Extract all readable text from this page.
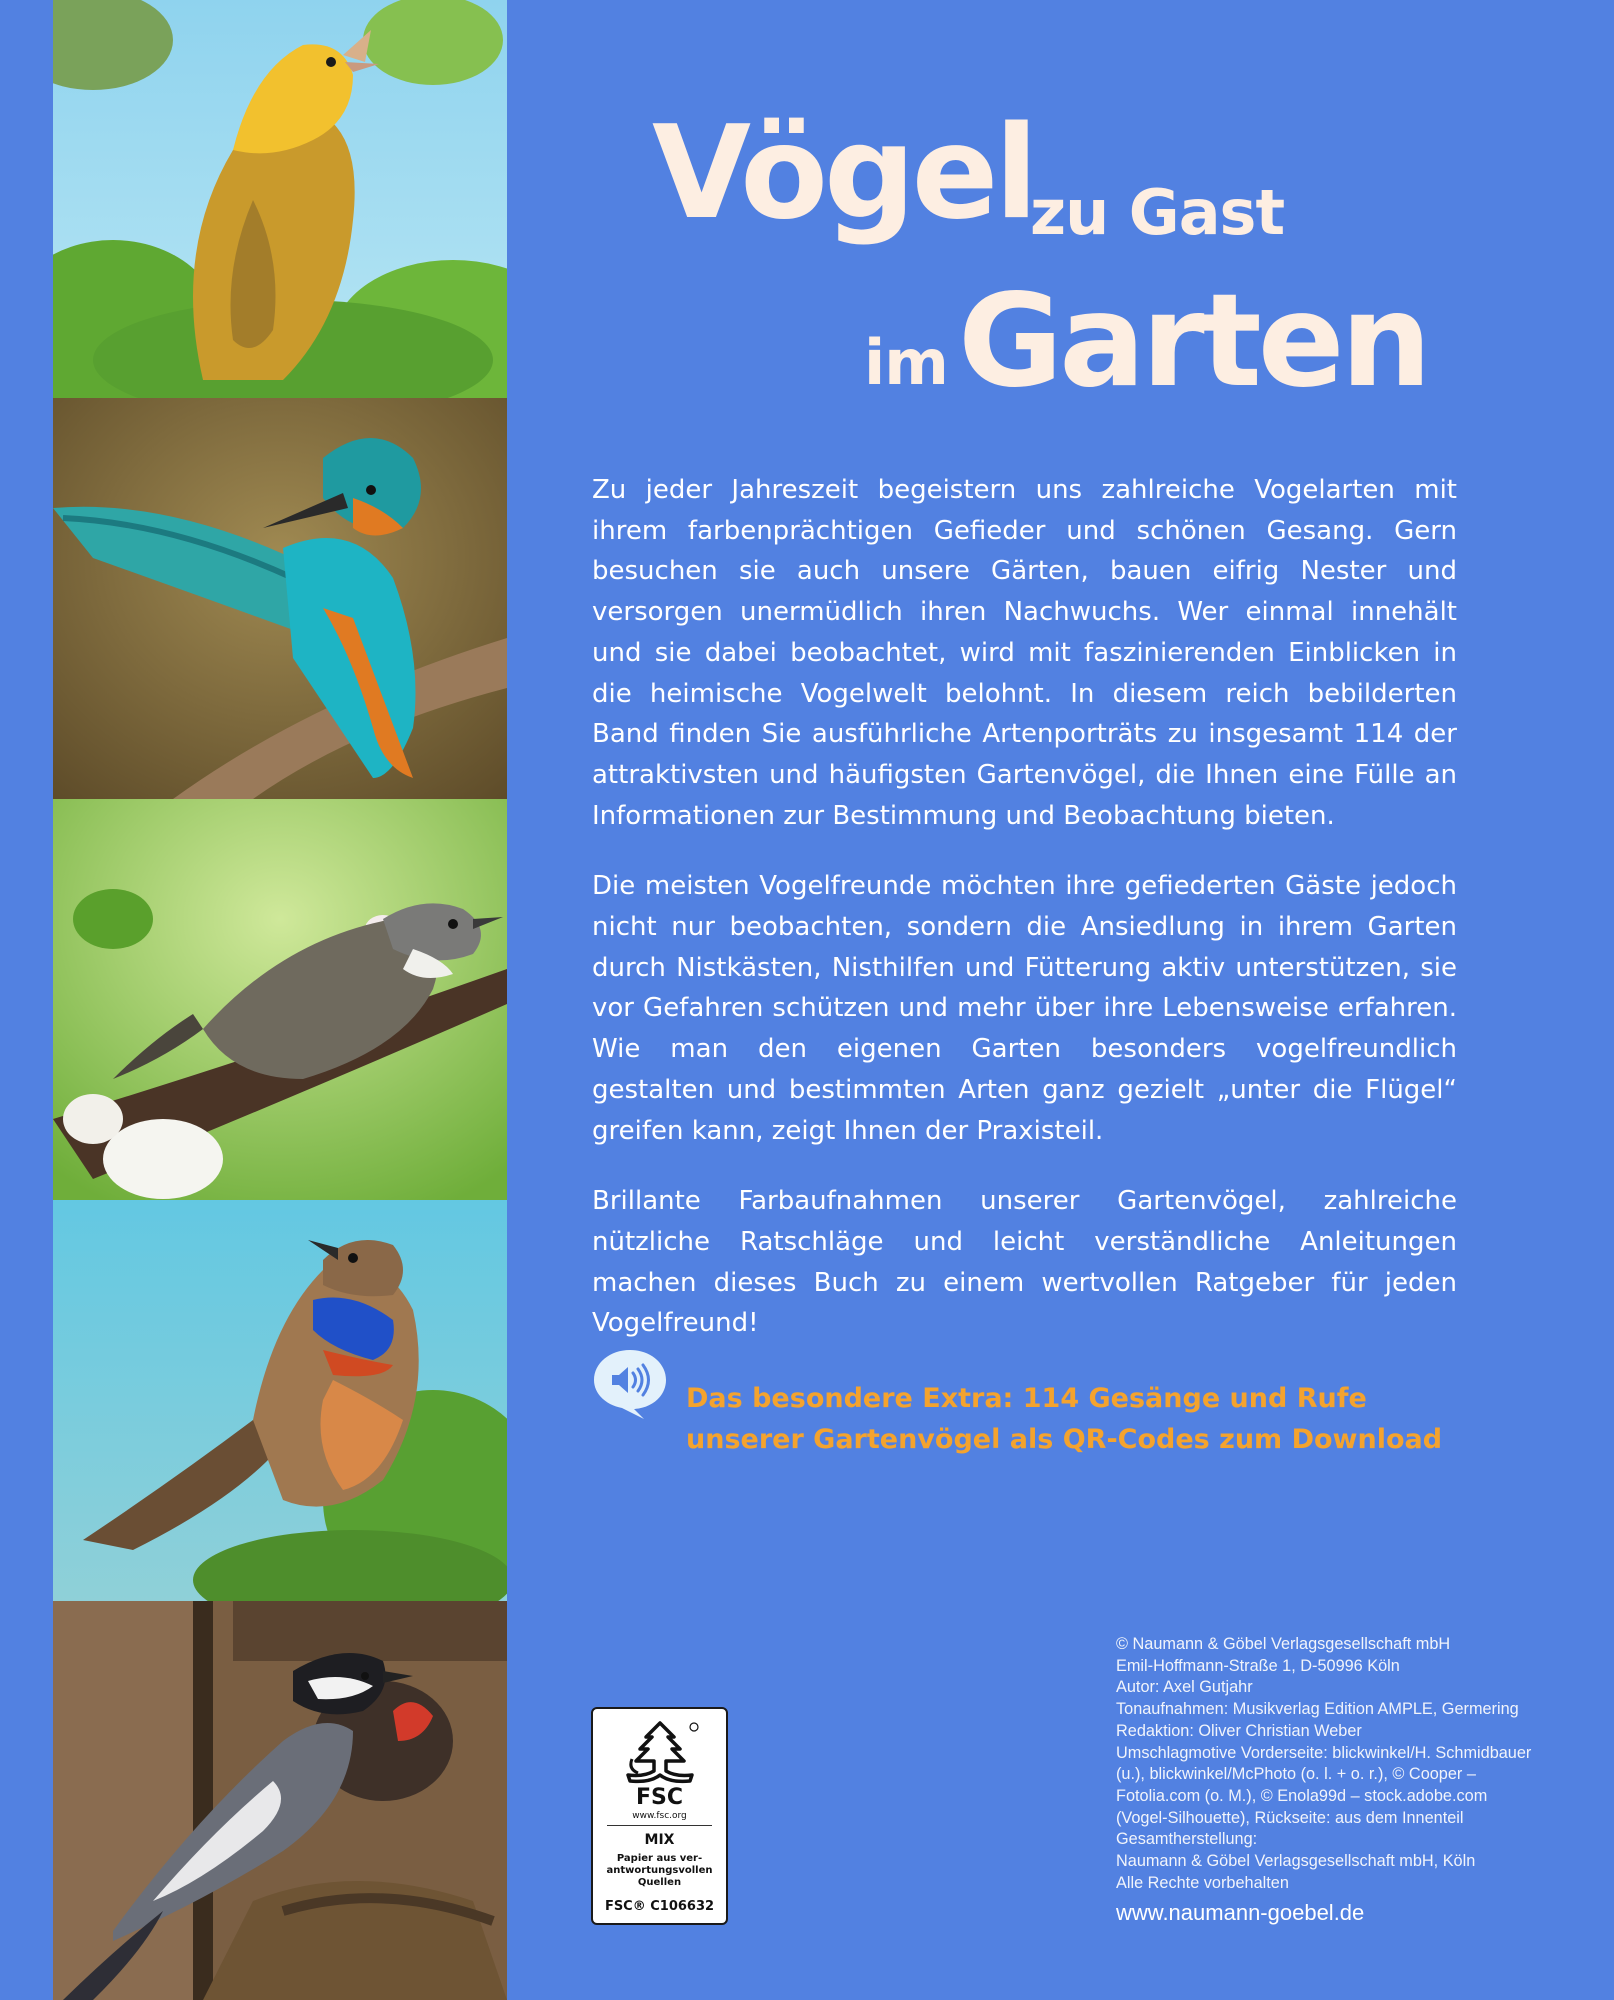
Vögel
zu Gast
im Garten

Zu jeder Jahreszeit begeistern uns zahlreiche Vogelarten mit ihrem farbenprächtigen Gefieder und schönen Gesang. Gern besuchen sie auch unsere Gärten, bauen eifrig Nester und versorgen unermüdlich ihren Nachwuchs. Wer einmal innehält und sie dabei beobachtet, wird mit faszinierenden Einblicken in die heimische Vogelwelt belohnt. In diesem reich bebilderten Band finden Sie ausführliche Artenporträts zu insgesamt 114 der attraktivsten und häufigsten Gartenvögel, die Ihnen eine Fülle an Informationen zur Bestimmung und Beobachtung bieten.

Die meisten Vogelfreunde möchten ihre gefiederten Gäste jedoch nicht nur beobachten, sondern die Ansiedlung in ihrem Garten durch Nistkästen, Nisthilfen und Fütterung aktiv unterstützen, sie vor Gefahren schützen und mehr über ihre Lebensweise erfahren. Wie man den eigenen Garten besonders vogelfreundlich gestalten und bestimmten Arten ganz gezielt „unter die Flügel“ greifen kann, zeigt Ihnen der Praxisteil.

Brillante Farbaufnahmen unserer Gartenvögel, zahlreiche nützliche Ratschläge und leicht verständliche Anleitungen machen dieses Buch zu einem wertvollen Ratgeber für jeden Vogelfreund!

Das besondere Extra: 114 Gesänge und Rufe
unserer Gartenvögel als QR-Codes zum Download
FSC
www.fsc.org
MIX
Papier aus verantwortungsvollen Quellen
FSC® C106632
© Naumann & Göbel Verlagsgesellschaft mbH
Emil-Hoffmann-Straße 1, D-50996 Köln
Autor: Axel Gutjahr
Tonaufnahmen: Musikverlag Edition AMPLE, Germering
Redaktion: Oliver Christian Weber
Umschlagmotive Vorderseite: blickwinkel/H. Schmidbauer
(u.), blickwinkel/McPhoto (o. l. + o. r.), © Cooper –
Fotolia.com (o. M.), © Enola99d – stock.adobe.com
(Vogel-Silhouette), Rückseite: aus dem Innenteil
Gesamtherstellung:
Naumann & Göbel Verlagsgesellschaft mbH, Köln
Alle Rechte vorbehalten
www.naumann-goebel.de
